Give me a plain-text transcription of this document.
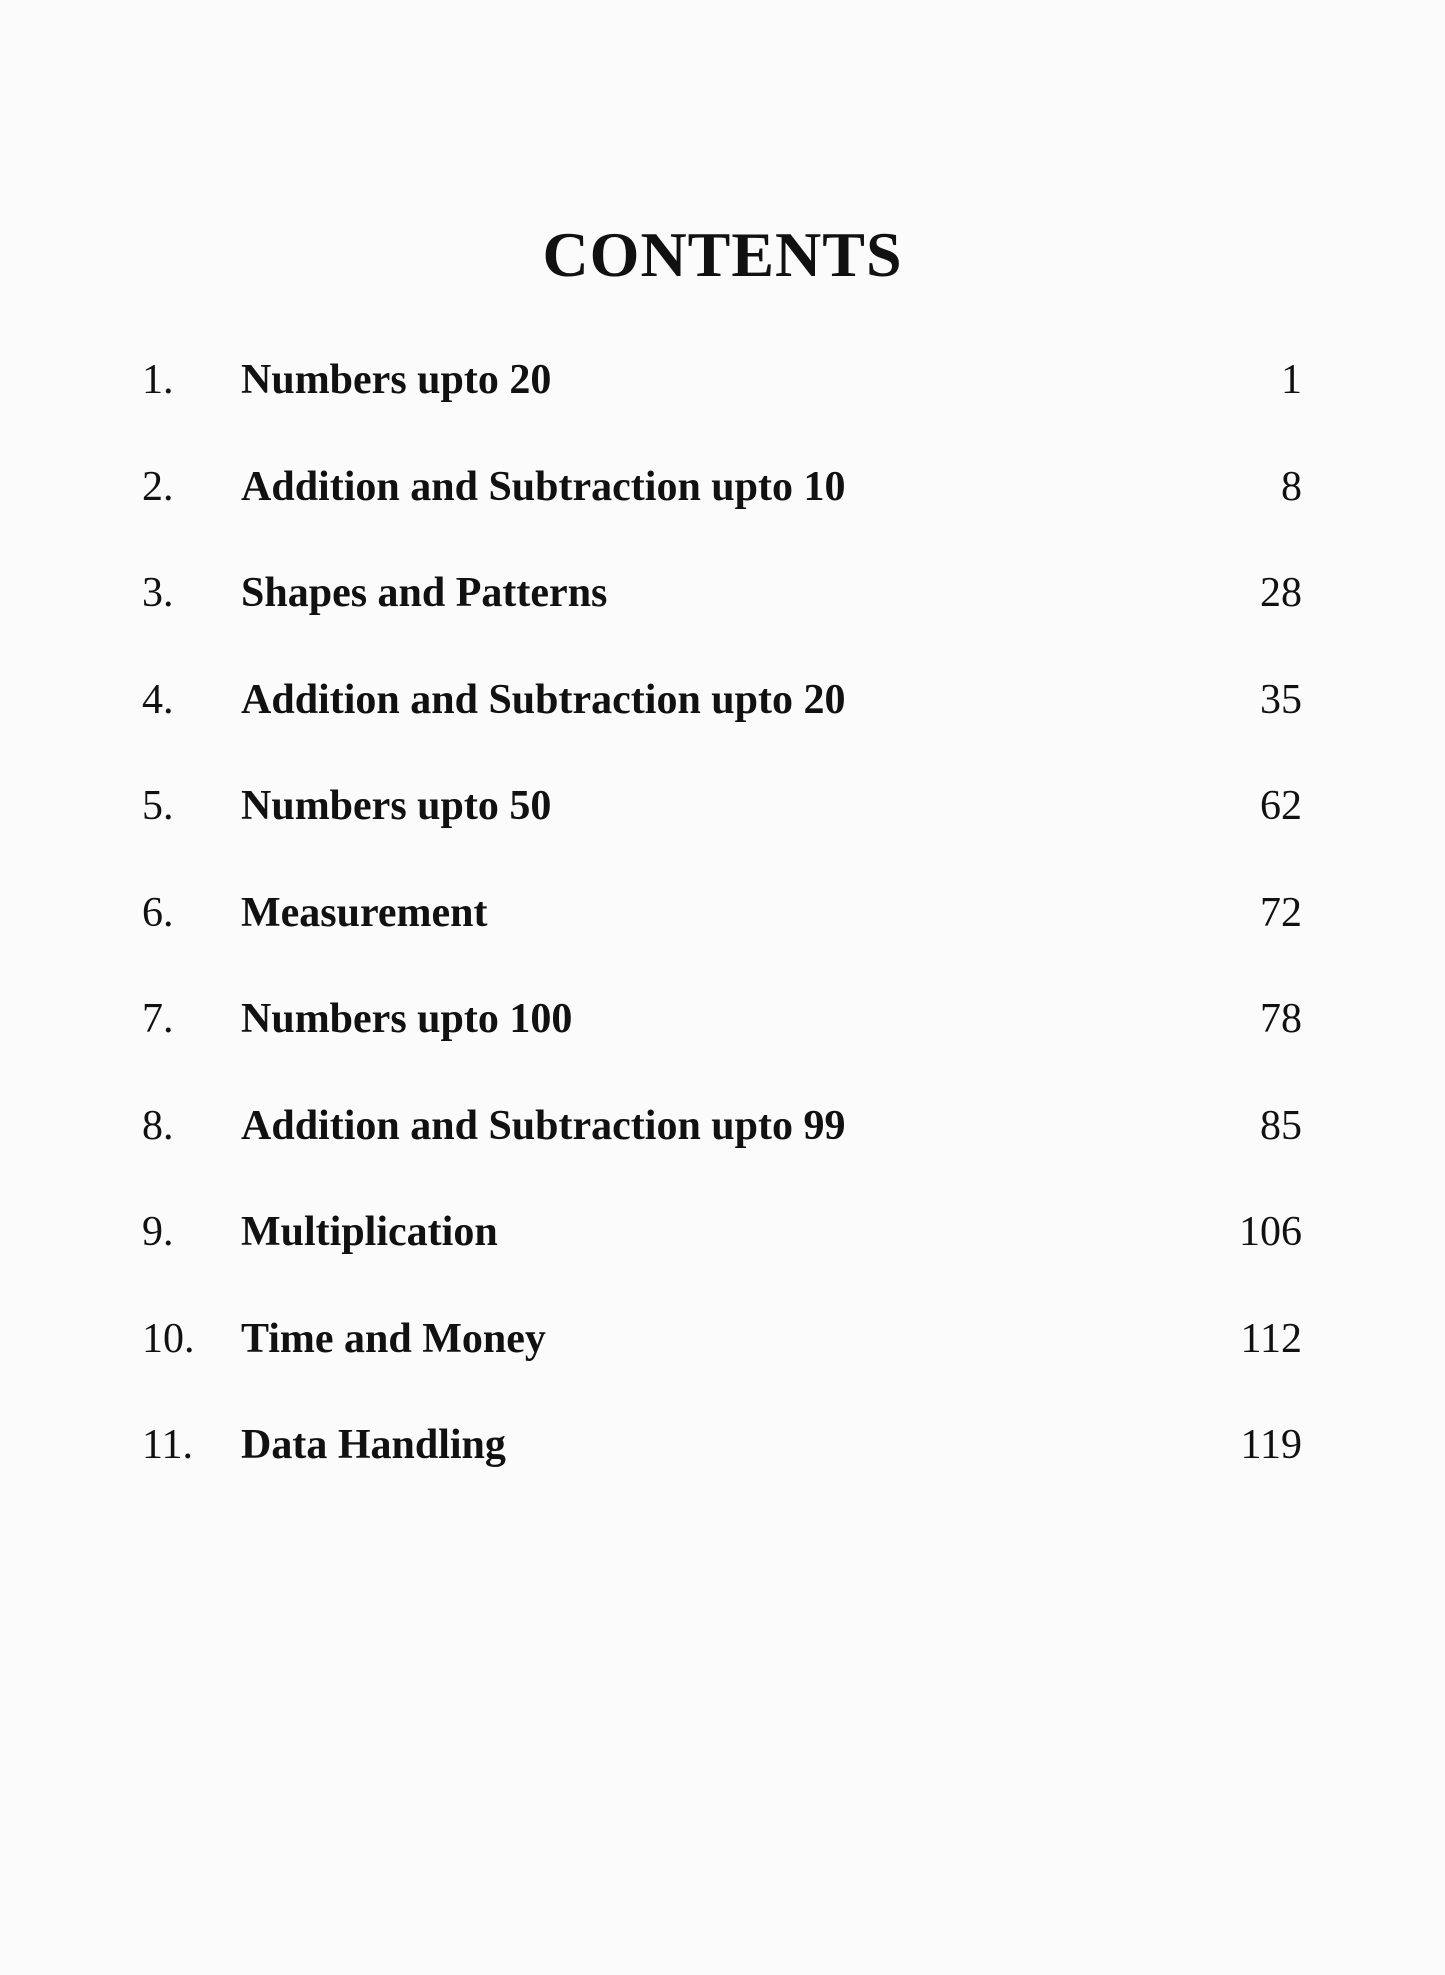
CONTENTS
1. Numbers upto 20	1
2. Addition and Subtraction upto 10	8
3. Shapes and Patterns	28
4. Addition and Subtraction upto 20	35
5. Numbers upto 50	62
6. Measurement	72
7. Numbers upto 100	78
8. Addition and Subtraction upto 99	85
9. Multiplication	106
10. Time and Money	112
11. Data Handling	119
